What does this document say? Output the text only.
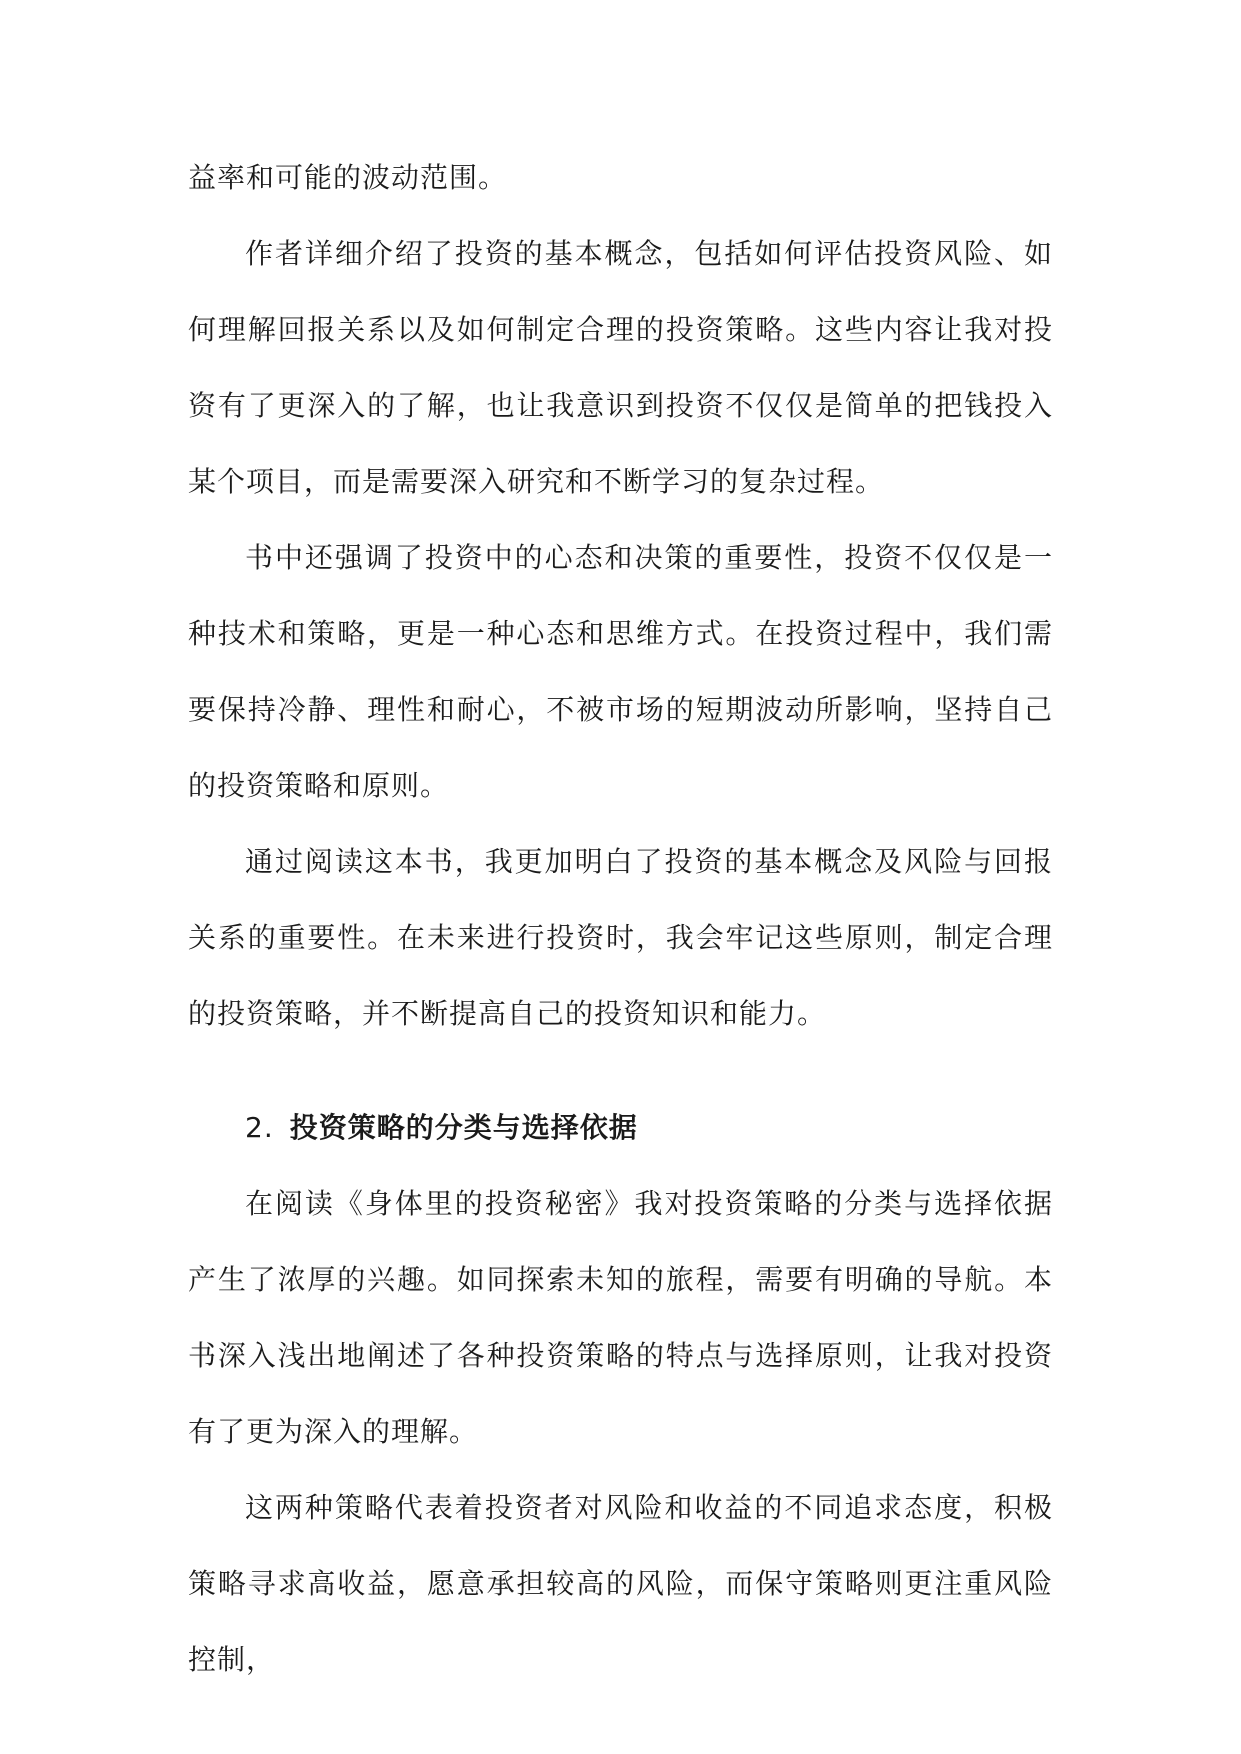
益率和可能的波动范围。

作者详细介绍了投资的基本概念，包括如何评估投资风险、如何理解回报关系以及如何制定合理的投资策略。这些内容让我对投资有了更深入的了解，也让我意识到投资不仅仅是简单的把钱投入某个项目，而是需要深入研究和不断学习的复杂过程。

书中还强调了投资中的心态和决策的重要性，投资不仅仅是一种技术和策略，更是一种心态和思维方式。在投资过程中，我们需要保持冷静、理性和耐心，不被市场的短期波动所影响，坚持自己的投资策略和原则。

通过阅读这本书，我更加明白了投资的基本概念及风险与回报关系的重要性。在未来进行投资时，我会牢记这些原则，制定合理的投资策略，并不断提高自己的投资知识和能力。

2. 投资策略的分类与选择依据

在阅读《身体里的投资秘密》我对投资策略的分类与选择依据产生了浓厚的兴趣。如同探索未知的旅程，需要有明确的导航。本书深入浅出地阐述了各种投资策略的特点与选择原则，让我对投资有了更为深入的理解。

这两种策略代表着投资者对风险和收益的不同追求态度，积极策略寻求高收益，愿意承担较高的风险，而保守策略则更注重风险控制，
